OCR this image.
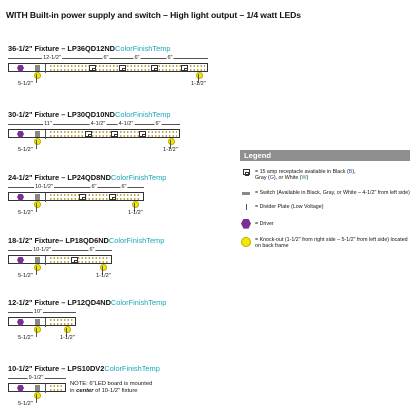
WITH Built-in power supply and switch – High light output – 1/4 watt LEDs
36-1/2" Fixture – LP36QD12NDColorFinishTemp
12-1/2"	6"	6"	6"
5-1/2"	1-1/2"
30-1/2" Fixture – LP30QD10NDColorFinishTemp
11"	4-1/2" 4-1/2"	6"
5-1/2"	1-1/2"
24-1/2" Fixture – LP24QD8NDColorFinishTemp
10-1/2"	6"	6"
5-1/2"	1-1/2"
18-1/2" Fixture– LP18QD6NDColorFinishTemp
10-1/2"	6"
5-1/2"	1-1/2"
12-1/2" Fixture – LP12QD4NDColorFinishTemp
10"
5-1/2"	1-1/2"
10-1/2" Fixture – LPS10DV2ColorFinishTemp
9-1/2"
5-1/2"
NOTE: 6"LED board is mounted
in center of 10-1/2" fixture
Legend
= 15 amp receptacle available in Black (B),
Gray (G), or White (W)
= Switch (Available in Black, Gray, or White – 4-1/2" from left side)
= Divider Plate (Low Voltage)
= Driver
= Knock-out (1-1/2" from right side – 5-1/2" from left side) located on back frame
